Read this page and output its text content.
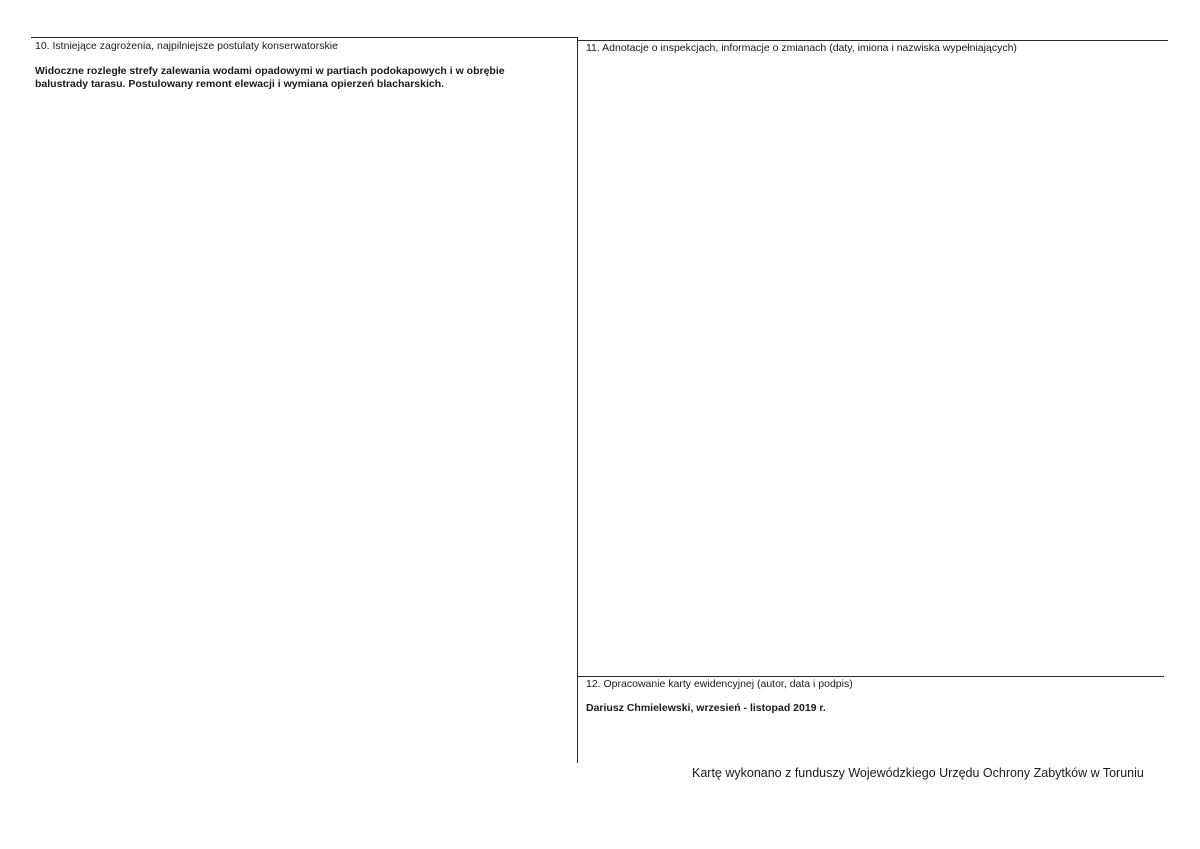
10. Istniejące zagrożenia, najpilniejsze postulaty konserwatorskie
Widoczne rozległe strefy zalewania wodami opadowymi w partiach podokapowych i w obrębie
balustrady tarasu. Postulowany remont elewacji i wymiana opierzeń blacharskich.
11. Adnotacje o inspekcjach, informacje o zmianach (daty, imiona i nazwiska wypełniających)
12. Opracowanie karty ewidencyjnej (autor, data i podpis)
Dariusz Chmielewski, wrzesień - listopad 2019 r.
Kartę wykonano z funduszy Wojewódzkiego Urzędu Ochrony Zabytków w Toruniu
